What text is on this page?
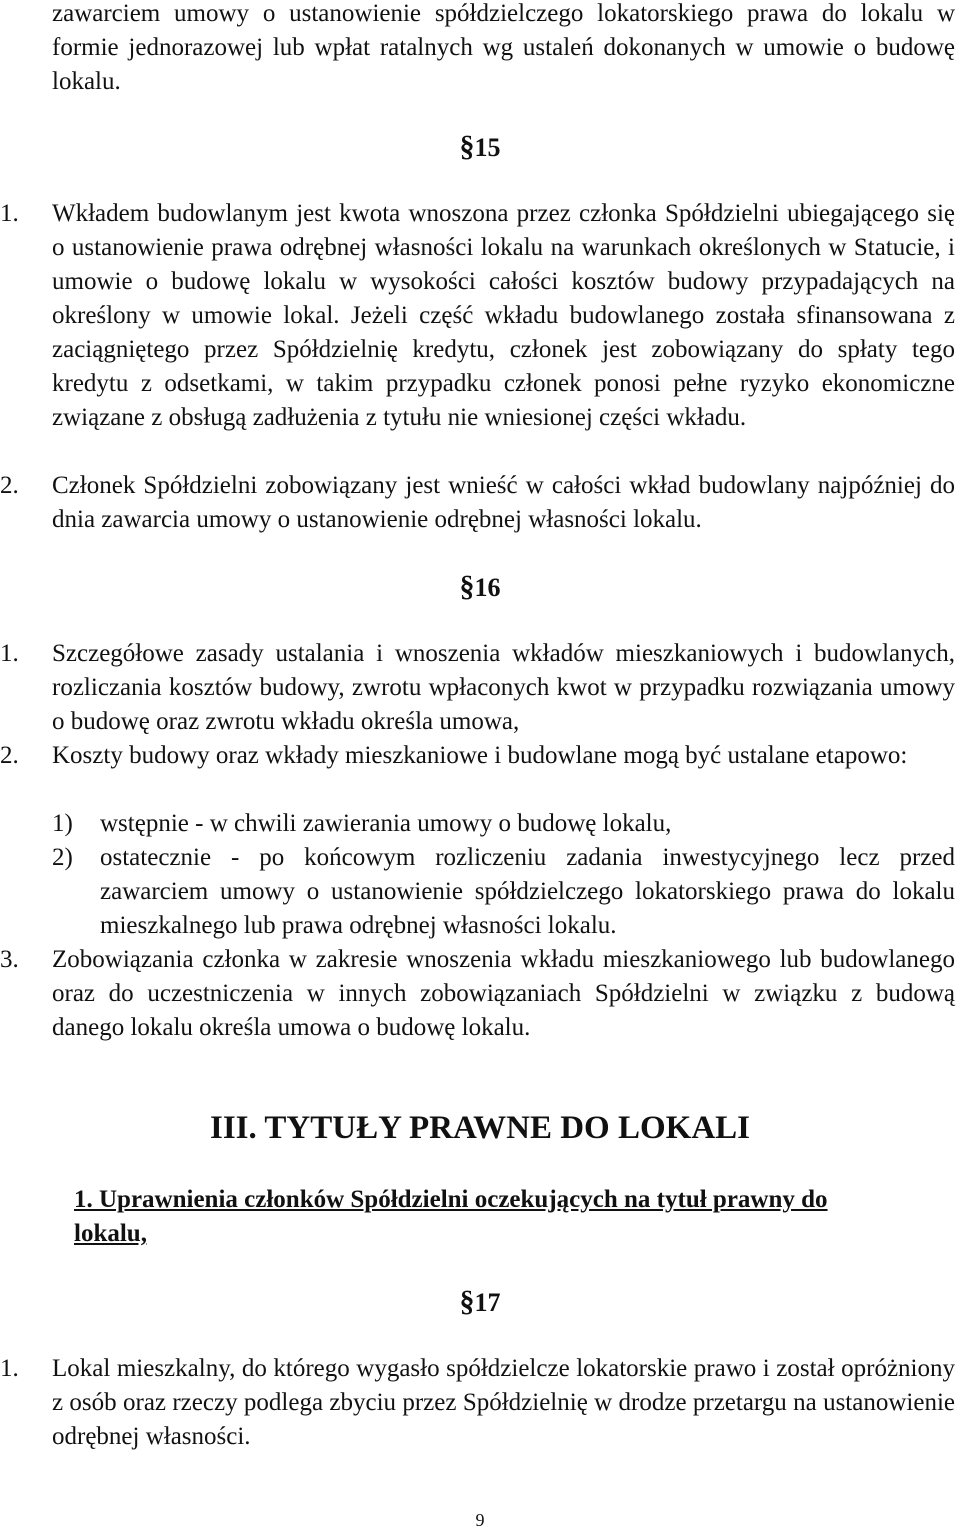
zawarciem umowy o ustanowienie spółdzielczego lokatorskiego prawa do lokalu w formie jednorazowej lub wpłat ratalnych wg ustaleń dokonanych w umowie o budowę lokalu.

§15

1. Wkładem budowlanym jest kwota wnoszona przez członka Spółdzielni ubiegającego się o ustanowienie prawa odrębnej własności lokalu na warunkach określonych w Statucie, i umowie o budowę lokalu w wysokości całości kosztów budowy przypadających na określony w umowie lokal. Jeżeli część wkładu budowlanego została sfinansowana z zaciągniętego przez Spółdzielnię kredytu, członek jest zobowiązany do spłaty tego kredytu z odsetkami, w takim przypadku członek ponosi pełne ryzyko ekonomiczne związane z obsługą zadłużenia z tytułu nie wniesionej części wkładu.

2. Członek Spółdzielni zobowiązany jest wnieść w całości wkład budowlany najpóźniej do dnia zawarcia umowy o ustanowienie odrębnej własności lokalu.

§16

1. Szczegółowe zasady ustalania i wnoszenia wkładów mieszkaniowych i budowlanych, rozliczania kosztów budowy, zwrotu wpłaconych kwot w przypadku rozwiązania umowy o budowę oraz zwrotu wkładu określa umowa,

2. Koszty budowy oraz wkłady mieszkaniowe i budowlane mogą być ustalane etapowo:

1) wstępnie - w chwili zawierania umowy o budowę lokalu,

2) ostatecznie - po końcowym rozliczeniu zadania inwestycyjnego lecz przed zawarciem umowy o ustanowienie spółdzielczego lokatorskiego prawa do lokalu mieszkalnego lub prawa odrębnej własności lokalu.

3. Zobowiązania członka w zakresie wnoszenia wkładu mieszkaniowego lub budowlanego oraz do uczestniczenia w innych zobowiązaniach Spółdzielni w związku z budową danego lokalu określa umowa o budowę lokalu.

III. TYTUŁY PRAWNE DO LOKALI

1. Uprawnienia członków Spółdzielni oczekujących na tytuł prawny do lokalu,

§17

1. Lokal mieszkalny, do którego wygasło spółdzielcze lokatorskie prawo i został opróżniony z osób oraz rzeczy podlega zbyciu przez Spółdzielnię w drodze przetargu na ustanowienie odrębnej własności.

9
